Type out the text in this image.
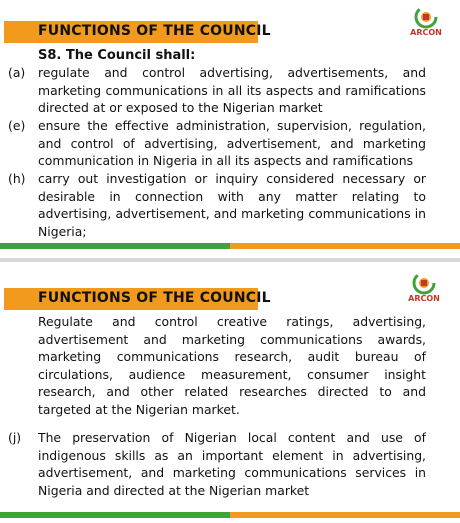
FUNCTIONS OF THE COUNCIL	ARCON
S8. The Council shall:
(a)	regulate and control advertising, advertisements, and marketing communications in all its aspects and ramifications directed at or exposed to the Nigerian market
(e)	ensure the effective administration, supervision, regulation, and control of advertising, advertisement, and marketing communication in Nigeria in all its aspects and ramifications
(h)	carry out investigation or inquiry considered necessary or desirable in connection with any matter relating to advertising, advertisement, and marketing communications in Nigeria;
FUNCTIONS OF THE COUNCIL	ARCON
Regulate and control creative ratings, advertising, advertisement and marketing communications awards, marketing communications research, audit bureau of circulations, audience measurement, consumer insight research, and other related researches directed to and targeted at the Nigerian market.
(j)	The preservation of Nigerian local content and use of indigenous skills as an important element in advertising, advertisement, and marketing communications services in Nigeria and directed at the Nigerian market
